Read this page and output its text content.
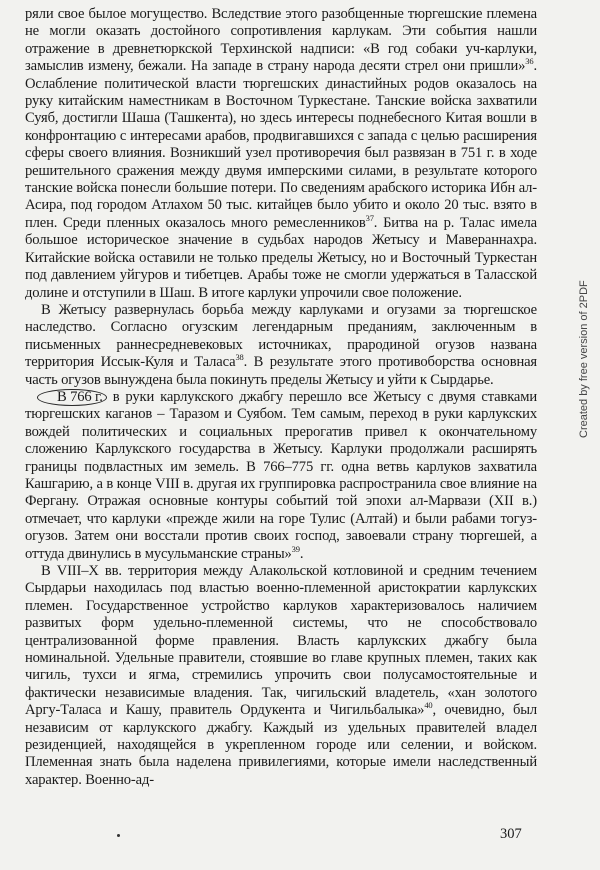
ряли свое былое могущество. Вследствие этого разобщенные тюргешские племена не могли оказать достойного сопротивления карлукам. Эти события нашли отражение в древнетюркской Терхинской надписи: «В год собаки уч-карлуки, замыслив измену, бежали. На западе в страну народа десяти стрел они пришли»$^{36}$. Ослабление политической власти тюргешских династийных родов оказалось на руку китайским наместникам в Восточном Туркестане. Танские войска захватили Суяб, достигли Шаша (Ташкента), но здесь интересы поднебесного Китая вошли в конфронтацию с интересами арабов, продвигавшихся с запада с целью расширения сферы своего влияния. Возникший узел противоречия был развязан в 751 г. в ходе решительного сражения между двумя имперскими силами, в результате которого танские войска понесли большие потери. По сведениям арабского историка Ибн ал-Асира, под городом Атлахом 50 тыс. китайцев было убито и около 20 тыс. взято в плен. Среди пленных оказалось много ремесленников$^{37}$. Битва на р. Талас имела большое историческое значение в судьбах народов Жетысу и Мавераннахра. Китайские войска оставили не только пределы Жетысу, но и Восточный Туркестан под давлением уйгуров и тибетцев. Арабы тоже не смогли удержаться в Таласской долине и отступили в Шаш. В итоге карлуки упрочили свое положение.

В Жетысу развернулась борьба между карлуками и огузами за тюргешское наследство. Согласно огузским легендарным преданиям, заключенным в письменных раннесредневековых источниках, прародиной огузов названа территория Иссык-Куля и Таласа$^{38}$. В результате этого противоборства основная часть огузов вынуждена была покинуть пределы Жетысу и уйти к Сырдарье.

В 766 г. в руки карлукского джабгу перешло все Жетысу с двумя ставками тюргешских каганов – Таразом и Суябом. Тем самым, переход в руки карлукских вождей политических и социальных прерогатив привел к окончательному сложению Карлукского государства в Жетысу. Карлуки продолжали расширять границы подвластных им земель. В 766–775 гг. одна ветвь карлуков захватила Кашгарию, а в конце VIII в. другая их группировка распространила свое влияние на Фергану. Отражая основные контуры событий той эпохи ал-Марвази (XII в.) отмечает, что карлуки «прежде жили на горе Тулис (Алтай) и были рабами тогуз-огузов. Затем они восстали против своих господ, завоевали страну тюргешей, а оттуда двинулись в мусульманские страны»$^{39}$.

В VIII–X вв. территория между Алакольской котловиной и средним течением Сырдарьи находилась под властью военно-племенной аристократии карлукских племен. Государственное устройство карлуков характеризовалось наличием развитых форм удельно-племенной системы, что не способствовало централизованной форме правления. Власть карлукских джабгу была номинальной. Удельные правители, стоявшие во главе крупных племен, таких как чигиль, тухси и ягма, стремились упрочить свои полусамостоятельные и фактически независимые владения. Так, чигильский владетель, «хан золотого Аргу-Таласа и Кашу, правитель Ордукента и Чигильбалыка»$^{40}$, очевидно, был независим от карлукского джабгу. Каждый из удельных правителей владел резиденцией, находящейся в укрепленном городе или селении, и войском. Племенная знать была наделена привилегиями, которые имели наследственный характер. Военно-ад-

Created by free version of 2PDF
307
